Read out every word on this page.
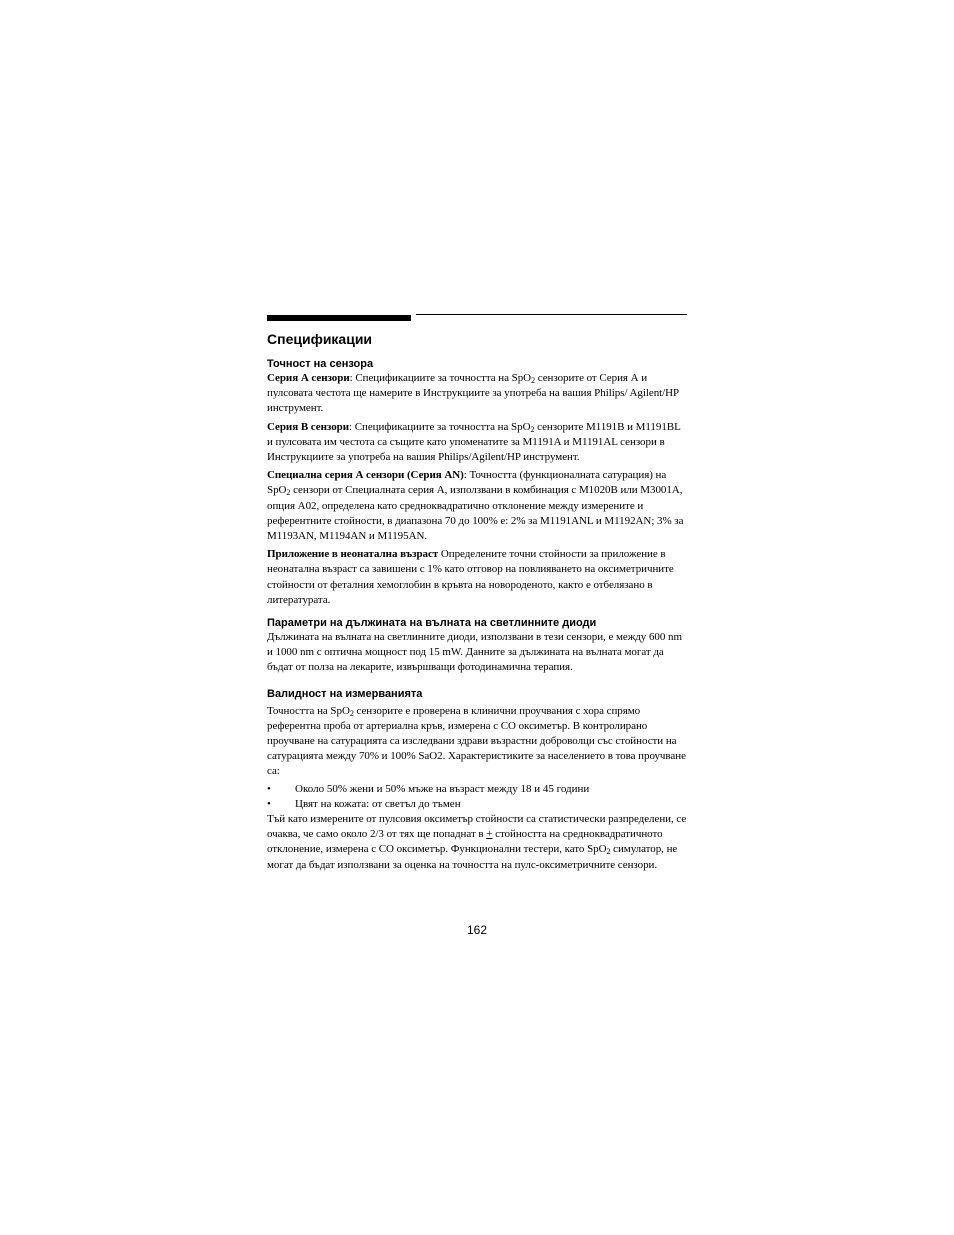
Спецификации
Точност на сензора

Серия А сензори: Спецификациите за точността на SpO$_2$ сензорите от Серия А и пулсовата честота ще намерите в Инструкциите за употреба на вашия Philips/ Agilent/HP инструмент.

Серия В сензори: Спецификациите за точността на SpO$_2$ сензорите M1191B и M1191BL и пулсовата им честота са същите като упоменатите за M1191A и M1191AL сензори в Инструкциите за употреба на вашия Philips/Agilent/HP инструмент.

Специална серия А сензори (Серия AN): Точността (функционалната сатурация) на SpO$_2$ сензори от Специалната серия А, използвани в комбинация с M1020B или M3001A, опция A02, определена като средноквадратично отклонение между измерените и референтните стойности, в диапазона 70 до 100% е: 2% за M1191ANL и M1192AN; 3% за M1193AN, M1194AN и M1195AN.

Приложение в неонатална възраст Определените точни стойности за приложение в неонатална възраст са завишени с 1% като отговор на повлияването на оксиметричните стойности от феталния хемоглобин в кръвта на новороденото, както е отбелязано в литературата.

Параметри на дължината на вълната на светлинните диоди

Дължината на вълната на светлинните диоди, използвани в тези сензори, е между 600 nm и 1000 nm с оптична мощност под 15 mW. Данните за дължината на вълната могат да бъдат от полза на лекарите, извършващи фотодинамична терапия.

Валидност на измерванията

Точността на SpO$_2$ сензорите е проверена в клинични проучвания с хора спрямо референтна проба от артериална кръв, измерена с CO оксиметър. В контролирано проучване на сатурацията са изследвани здрави възрастни доброволци със стойности на сатурацията между 70% и 100% SaO2. Характеристиките за населението в това проучване са:

• Около 50% жени и 50% мъже на възраст между 18 и 45 години
• Цвят на кожата: от светъл до тъмен

Тъй като измерените от пулсовия оксиметър стойности са статистически разпределени, се очаква, че само около 2/3 от тях ще попаднат в + стойността на средноквадратичното отклонение, измерена с CO оксиметър. Функционални тестери, като SpO$_2$ симулатор, не могат да бъдат използвани за оценка на точността на пулс-оксиметричните сензори.

162
